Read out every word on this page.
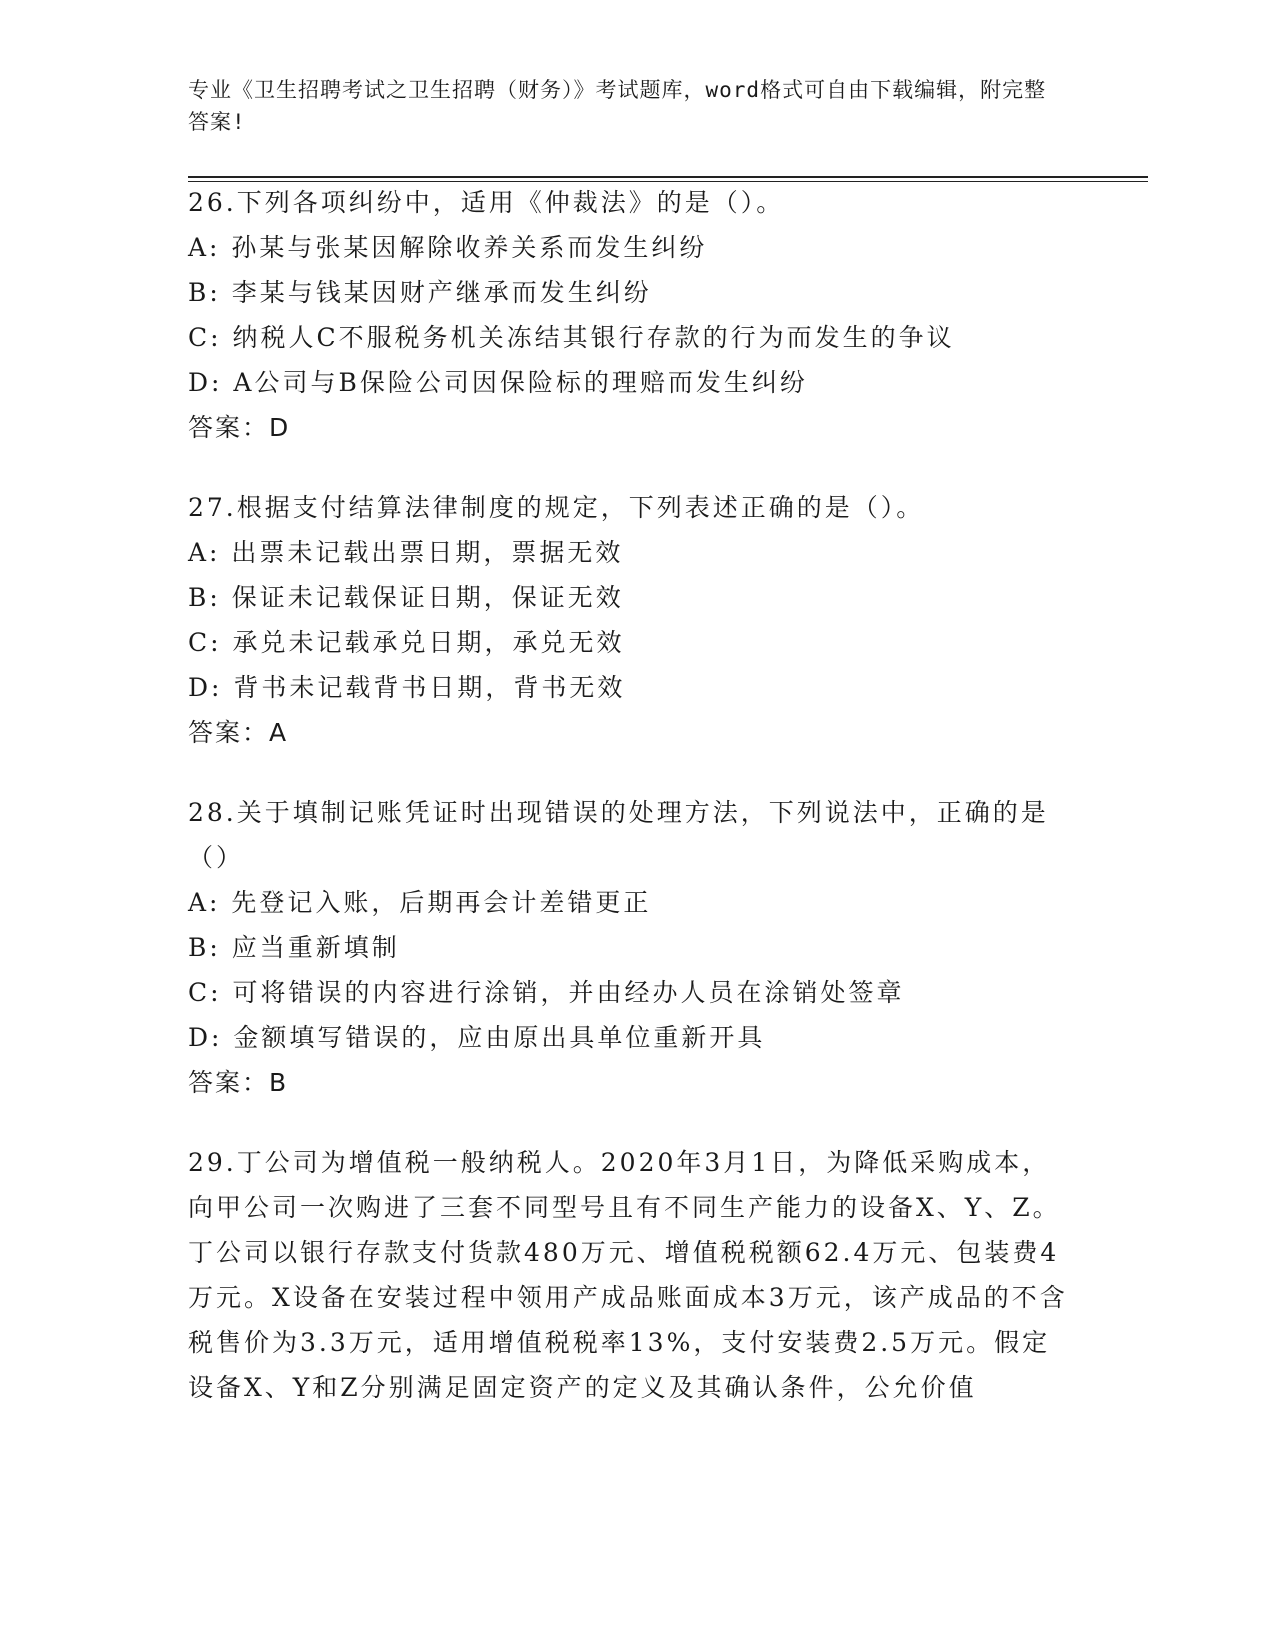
专业《卫生招聘考试之卫生招聘（财务）》考试题库，word格式可自由下载编辑，附完整答案!
26.下列各项纠纷中，适用《仲裁法》的是（）。
A: 孙某与张某因解除收养关系而发生纠纷
B: 李某与钱某因财产继承而发生纠纷
C: 纳税人C不服税务机关冻结其银行存款的行为而发生的争议
D: A公司与B保险公司因保险标的理赔而发生纠纷
答案：D
27.根据支付结算法律制度的规定，下列表述正确的是（）。
A: 出票未记载出票日期，票据无效
B: 保证未记载保证日期，保证无效
C: 承兑未记载承兑日期，承兑无效
D: 背书未记载背书日期，背书无效
答案：A
28.关于填制记账凭证时出现错误的处理方法，下列说法中，正确的是（）
A: 先登记入账，后期再会计差错更正
B: 应当重新填制
C: 可将错误的内容进行涂销，并由经办人员在涂销处签章
D: 金额填写错误的，应由原出具单位重新开具
答案：B
29.丁公司为增值税一般纳税人。2020年3月1日，为降低采购成本，向甲公司一次购进了三套不同型号且有不同生产能力的设备X、Y、Z。丁公司以银行存款支付货款480万元、增值税税额62.4万元、包装费4万元。X设备在安装过程中领用产成品账面成本3万元，该产成品的不含税售价为3.3万元，适用增值税税率13%，支付安装费2.5万元。假定设备X、Y和Z分别满足固定资产的定义及其确认条件，公允价值
